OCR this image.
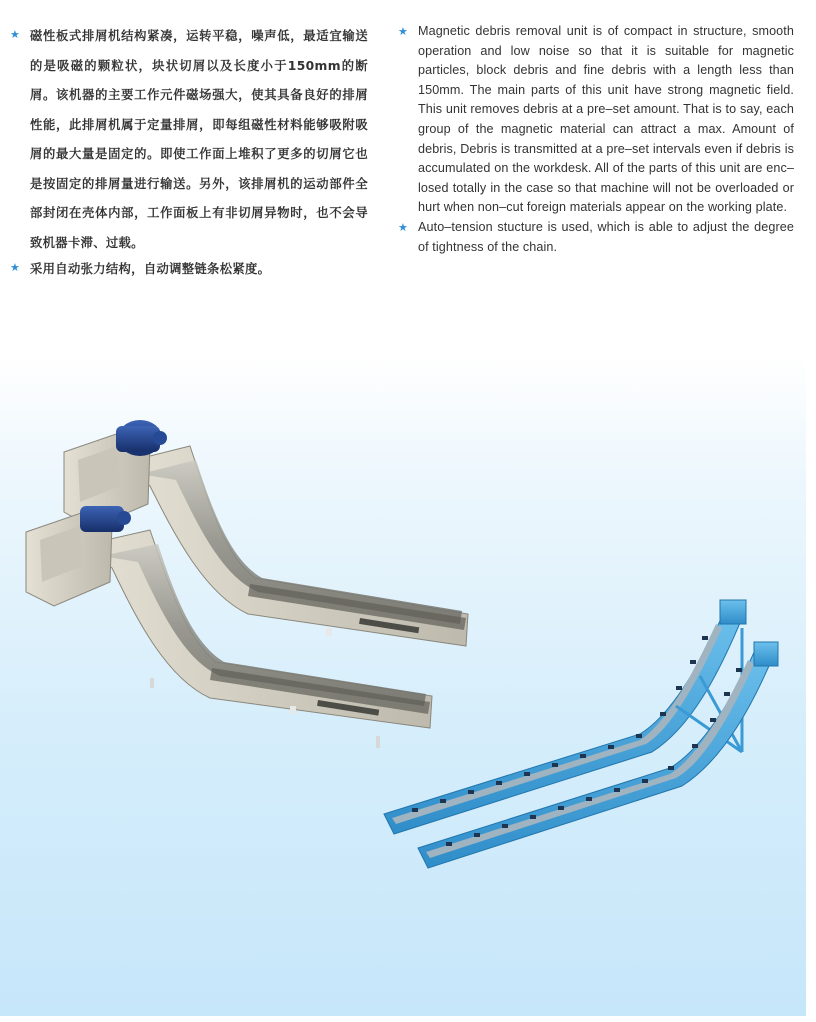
★ 磁性板式排屑机结构紧凑，运转平稳，噪声低，最适宜输送的是吸磁的颗粒状，块状切屑以及长度小于150mm的断屑。该机器的主要工作元件磁场强大，使其具备良好的排屑性能，此排屑机属于定量排屑，即每组磁性材料能够吸附吸屑的最大量是固定的。即使工作面上堆积了更多的切屑它也是按固定的排屑量进行输送。另外，该排屑机的运动部件全部封闭在壳体内部，工作面板上有非切屑异物时，也不会导致机器卡滞、过载。

★ 采用自动张力结构，自动调整链条松紧度。

★ Magnetic debris removal unit is of compact in structure, smooth operation and low noise so that it is suitable for magnetic particles, block debris and fine debris with a length less than 150mm. The main parts of this unit have strong magnetic field. This unit removes debris at a pre–set amount. That is to say, each group of the magnetic material can attract a max. Amount of debris, Debris is transmitted at a pre–set intervals even if debris is accumulated on the workdesk. All of the parts of this unit are enc–losed totally in the case so that machine will not be overloaded or hurt when non–cut foreign materials appear on the working plate.

★ Auto–tension stucture is used, which is able to adjust the degree of tightness of the chain.
